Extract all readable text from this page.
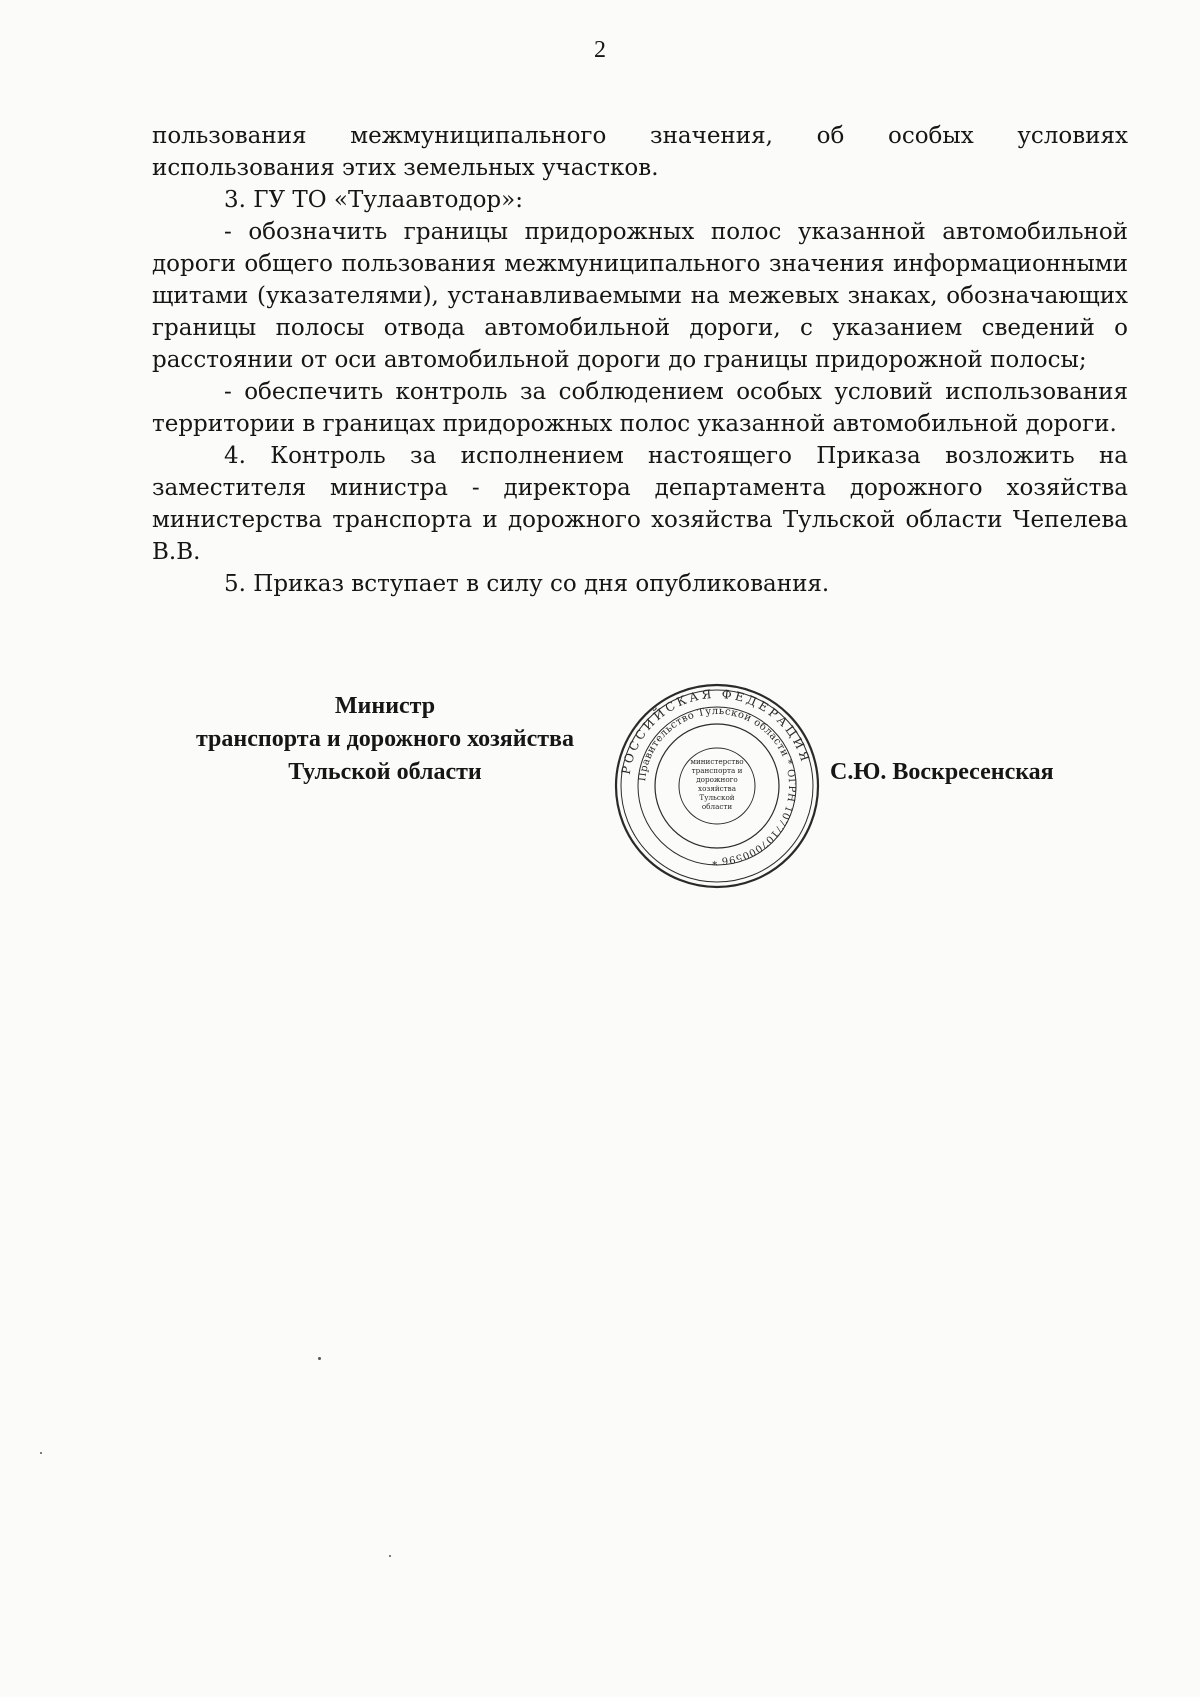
2

пользования межмуниципального значения, об особых условиях использования этих земельных участков.

3. ГУ ТО «Тулаавтодор»:

- обозначить границы придорожных полос указанной автомобильной дороги общего пользования межмуниципального значения информационными щитами (указателями), устанавливаемыми на межевых знаках, обозначающих границы полосы отвода автомобильной дороги, с указанием сведений о расстоянии от оси автомобильной дороги до границы придорожной полосы;

- обеспечить контроль за соблюдением особых условий использования территории в границах придорожных полос указанной автомобильной дороги.

4. Контроль за исполнением настоящего Приказа возложить на заместителя министра - директора департамента дорожного хозяйства министерства транспорта и дорожного хозяйства Тульской области Чепелева В.В.

5. Приказ вступает в силу со дня опубликования.

Министр
транспорта и дорожного хозяйства
Тульской области	С.Ю. Воскресенская
РОССИЙСКАЯ ФЕДЕРАЦИЯ
Правительство Тульской области * ОГРН 1077107000596 *
министерство
транспорта и
дорожного
хозяйства
Тульской
области
